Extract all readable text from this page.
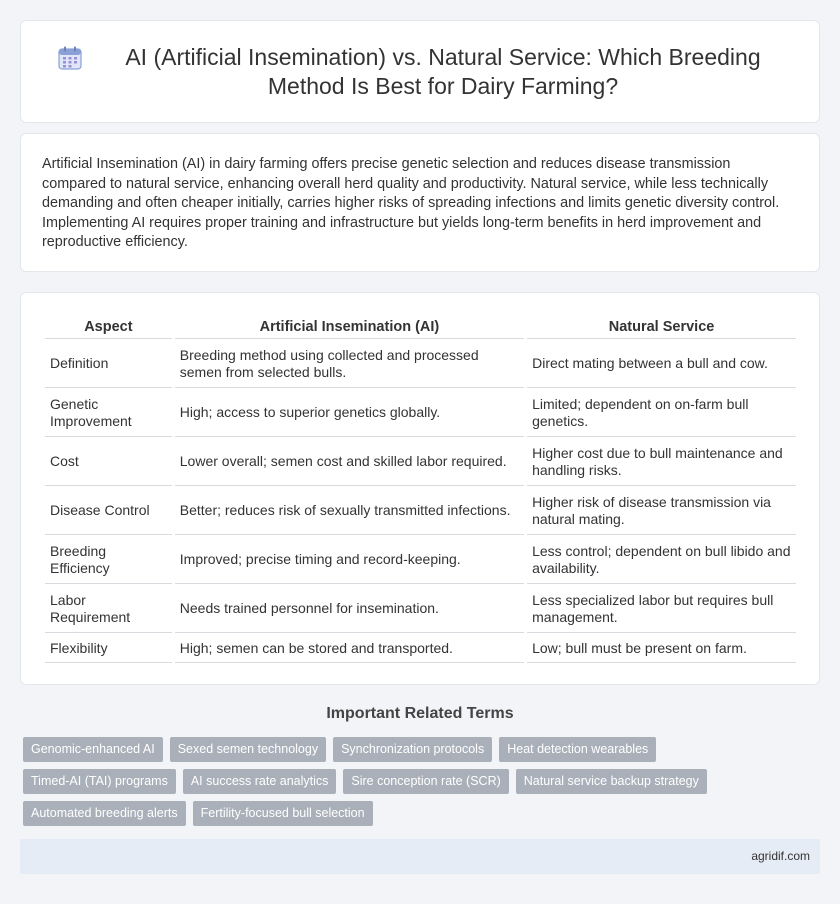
AI (Artificial Insemination) vs. Natural Service: Which Breeding Method Is Best for Dairy Farming?

Artificial Insemination (AI) in dairy farming offers precise genetic selection and reduces disease transmission compared to natural service, enhancing overall herd quality and productivity. Natural service, while less technically demanding and often cheaper initially, carries higher risks of spreading infections and limits genetic diversity control. Implementing AI requires proper training and infrastructure but yields long-term benefits in herd improvement and reproductive efficiency.

Aspect	Artificial Insemination (AI)	Natural Service
Definition	Breeding method using collected and processed semen from selected bulls.	Direct mating between a bull and cow.
Genetic Improvement	High; access to superior genetics globally.	Limited; dependent on on-farm bull genetics.
Cost	Lower overall; semen cost and skilled labor required.	Higher cost due to bull maintenance and handling risks.
Disease Control	Better; reduces risk of sexually transmitted infections.	Higher risk of disease transmission via natural mating.
Breeding Efficiency	Improved; precise timing and record-keeping.	Less control; dependent on bull libido and availability.
Labor Requirement	Needs trained personnel for insemination.	Less specialized labor but requires bull management.
Flexibility	High; semen can be stored and transported.	Low; bull must be present on farm.
Important Related Terms
Genomic-enhanced AI	Sexed semen technology	Synchronization protocols	Heat detection wearables
Timed-AI (TAI) programs	AI success rate analytics	Sire conception rate (SCR)	Natural service backup strategy
Automated breeding alerts	Fertility-focused bull selection
agridif.com
